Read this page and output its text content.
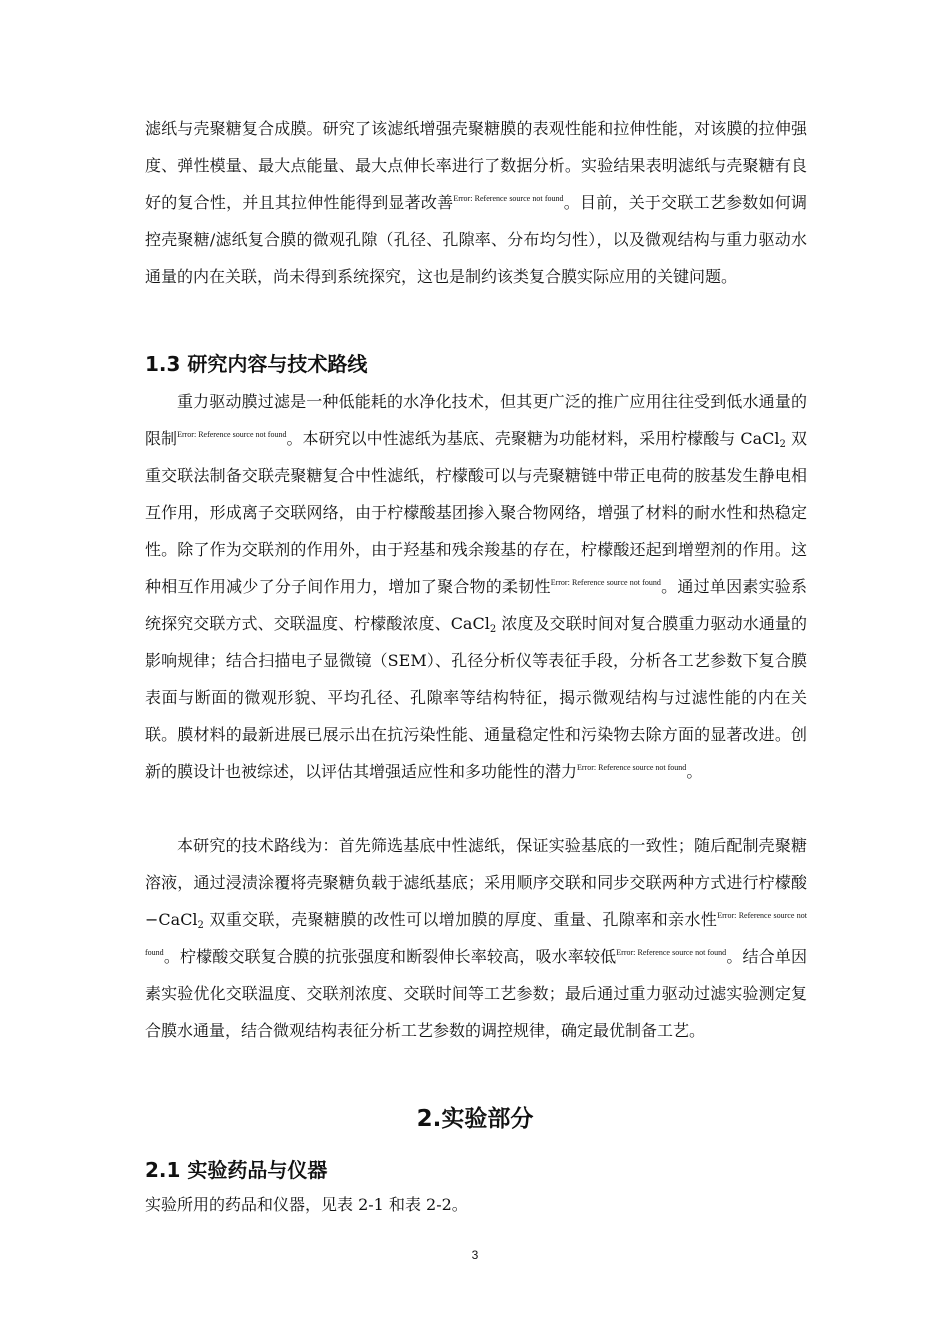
滤纸与壳聚糖复合成膜。研究了该滤纸增强壳聚糖膜的表观性能和拉伸性能，对该膜的拉伸强度、弹性模量、最大点能量、最大点伸长率进行了数据分析。实验结果表明滤纸与壳聚糖有良好的复合性，并且其拉伸性能得到显著改善$^{Error: Reference source not found}$。目前，关于交联工艺参数如何调控壳聚糖/滤纸复合膜的微观孔隙（孔径、孔隙率、分布均匀性），以及微观结构与重力驱动水通量的内在关联，尚未得到系统探究，这也是制约该类复合膜实际应用的关键问题。

1.3 研究内容与技术路线

重力驱动膜过滤是一种低能耗的水净化技术，但其更广泛的推广应用往往受到低水通量的限制$^{Error: Reference source not found}$。本研究以中性滤纸为基底、壳聚糖为功能材料，采用柠檬酸与 CaCl$_2$ 双重交联法制备交联壳聚糖复合中性滤纸，柠檬酸可以与壳聚糖链中带正电荷的胺基发生静电相互作用，形成离子交联网络，由于柠檬酸基团掺入聚合物网络，增强了材料的耐水性和热稳定性。除了作为交联剂的作用外，由于羟基和残余羧基的存在，柠檬酸还起到增塑剂的作用。这种相互作用减少了分子间作用力，增加了聚合物的柔韧性$^{Error: Reference source not found}$。通过单因素实验系统探究交联方式、交联温度、柠檬酸浓度、CaCl$_2$ 浓度及交联时间对复合膜重力驱动水通量的影响规律；结合扫描电子显微镜（SEM）、孔径分析仪等表征手段，分析各工艺参数下复合膜表面与断面的微观形貌、平均孔径、孔隙率等结构特征，揭示微观结构与过滤性能的内在关联。膜材料的最新进展已展示出在抗污染性能、通量稳定性和污染物去除方面的显著改进。创新的膜设计也被综述，以评估其增强适应性和多功能性的潜力$^{Error: Reference source not found}$。

本研究的技术路线为：首先筛选基底中性滤纸，保证实验基底的一致性；随后配制壳聚糖溶液，通过浸渍涂覆将壳聚糖负载于滤纸基底；采用顺序交联和同步交联两种方式进行柠檬酸−CaCl$_2$ 双重交联，壳聚糖膜的改性可以增加膜的厚度、重量、孔隙率和亲水性$^{Error: Reference source not found}$。柠檬酸交联复合膜的抗张强度和断裂伸长率较高，吸水率较低$^{Error: Reference source not found}$。结合单因素实验优化交联温度、交联剂浓度、交联时间等工艺参数；最后通过重力驱动过滤实验测定复合膜水通量，结合微观结构表征分析工艺参数的调控规律，确定最优制备工艺。

2.实验部分
2.1 实验药品与仪器

实验所用的药品和仪器，见表 2-1 和表 2-2。

3
